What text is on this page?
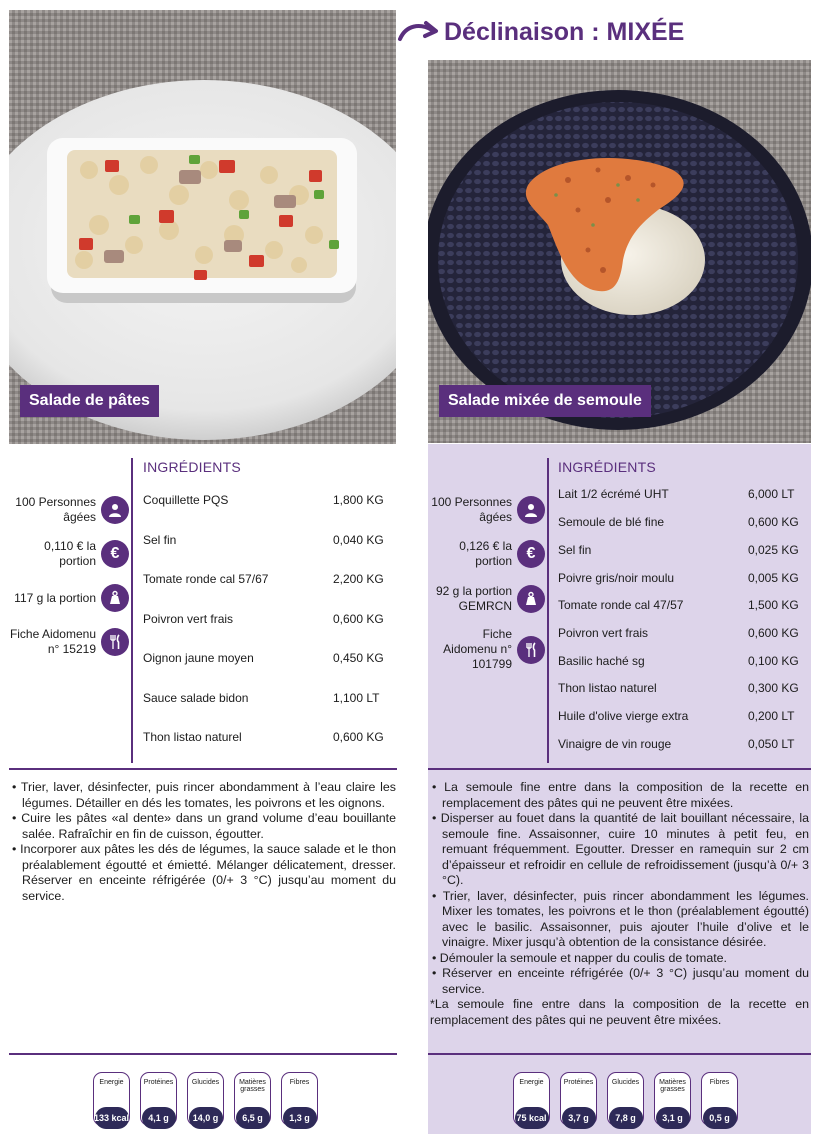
Déclinaison : MIXÉE
Salade de pâtes	Salade mixée de semoule
100 Personnes âgées
0,110 € la portion €
117 g la portion
Fiche Aidomenu n° 15219
100 Personnes âgées
0,126 € la portion €
92 g la portion GEMRCN
Fiche Aidomenu n° 101799
INGRÉDIENTS
Coquillette PQS	1,800 KG
Sel fin	0,040 KG
Tomate ronde cal 57/67	2,200 KG
Poivron vert frais	0,600 KG
Oignon jaune moyen	0,450 KG
Sauce salade bidon	1,100 LT
Thon listao naturel	0,600 KG
INGRÉDIENTS
Lait 1/2 écrémé UHT	6,000 LT
Semoule de blé fine	0,600 KG
Sel fin	0,025 KG
Poivre gris/noir moulu	0,005 KG
Tomate ronde cal 47/57	1,500 KG
Poivron vert frais	0,600 KG
Basilic haché sg	0,100 KG
Thon listao naturel	0,300 KG
Huile d'olive vierge extra	0,200 LT
Vinaigre de vin rouge	0,050 LT

• Trier, laver, désinfecter, puis rincer abondamment à l’eau claire les légumes. Détailler en dés les tomates, les poivrons et les oignons.

• Cuire les pâtes «al dente» dans un grand volume d’eau bouillante salée. Rafraîchir en fin de cuisson, égoutter.

• Incorporer aux pâtes les dés de légumes, la sauce salade et le thon préalablement égoutté et émietté. Mélanger délicatement, dresser. Réserver en enceinte réfrigérée (0/+ 3 °C) jusqu’au moment du service.

• La semoule fine entre dans la composition de la recette en remplacement des pâtes qui ne peuvent être mixées.

• Disperser au fouet dans la quantité de lait bouillant nécessaire, la semoule fine. Assaisonner, cuire 10 minutes à petit feu, en remuant fréquemment. Egoutter. Dresser en ramequin sur 2 cm d’épaisseur et refroidir en cellule de refroidissement (jusqu’à 0/+ 3 °C).

• Trier, laver, désinfecter, puis rincer abondamment les légumes. Mixer les tomates, les poivrons et le thon (préalablement égoutté) avec le basilic. Assaisonner, puis ajouter l’huile d’olive et le vinaigre. Mixer jusqu’à obtention de la consistance désirée.

• Démouler la semoule et napper du coulis de tomate.

• Réserver en enceinte réfrigérée (0/+ 3 °C) jusqu’au moment du service.

*La semoule fine entre dans la composition de la recette en remplacement des pâtes qui ne peuvent être mixées.

Energie
133 kcal
Protéines
4,1 g
Glucides
14,0 g
Matières grasses
6,5 g
Fibres
1,3 g
Energie
75 kcal
Protéines
3,7 g
Glucides
7,8 g
Matières grasses
3,1 g
Fibres
0,5 g
